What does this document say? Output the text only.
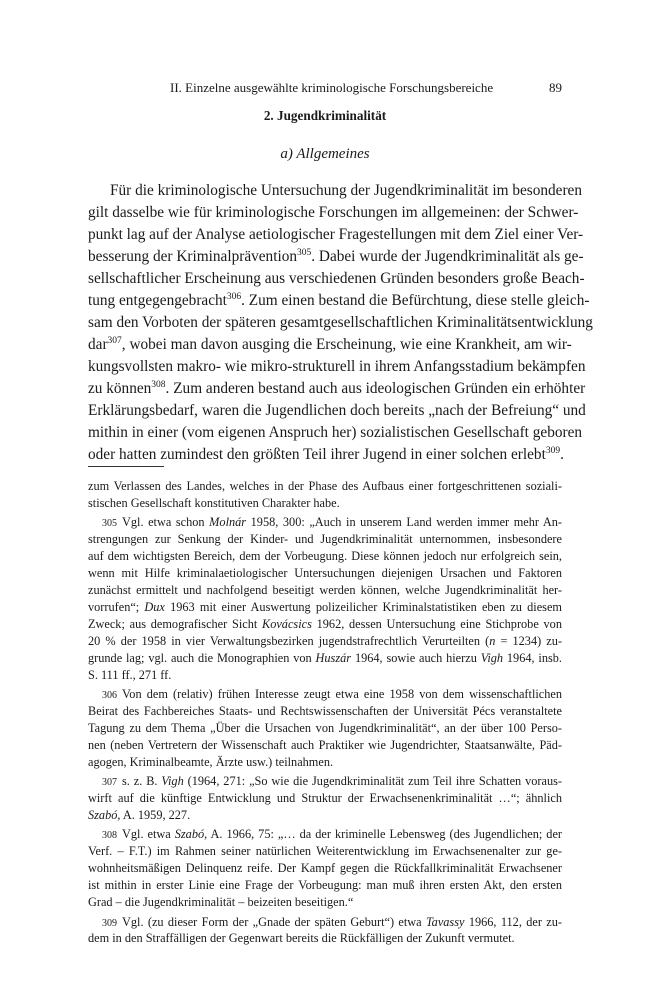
II. Einzelne ausgewählte kriminologische Forschungsbereiche	89
2. Jugendkriminalität
a) Allgemeines
Für die kriminologische Untersuchung der Jugendkriminalität im besonderen
gilt dasselbe wie für kriminologische Forschungen im allgemeinen: der Schwer-
punkt lag auf der Analyse aetiologischer Fragestellungen mit dem Ziel einer Ver-
besserung der Kriminalprävention$^{305}$. Dabei wurde der Jugendkriminalität als ge-
sellschaftlicher Erscheinung aus verschiedenen Gründen besonders große Beach-
tung entgegengebracht$^{306}$. Zum einen bestand die Befürchtung, diese stelle gleich-
sam den Vorboten der späteren gesamtgesellschaftlichen Kriminalitätsentwicklung
dar$^{307}$, wobei man davon ausging die Erscheinung, wie eine Krankheit, am wir-
kungsvollsten makro- wie mikro-strukturell in ihrem Anfangsstadium bekämpfen
zu können$^{308}$. Zum anderen bestand auch aus ideologischen Gründen ein erhöhter
Erklärungsbedarf, waren die Jugendlichen doch bereits „nach der Befreiung“ und
mithin in einer (vom eigenen Anspruch her) sozialistischen Gesellschaft geboren
oder hatten zumindest den größten Teil ihrer Jugend in einer solchen erlebt$^{309}$.
zum Verlassen des Landes, welches in der Phase des Aufbaus einer fortgeschrittenen soziali-
stischen Gesellschaft konstitutiven Charakter habe.
305 Vgl. etwa schon Molnár 1958, 300: „Auch in unserem Land werden immer mehr An-
strengungen zur Senkung der Kinder- und Jugendkriminalität unternommen, insbesondere
auf dem wichtigsten Bereich, dem der Vorbeugung. Diese können jedoch nur erfolgreich sein,
wenn mit Hilfe kriminalaetiologischer Untersuchungen diejenigen Ursachen und Faktoren
zunächst ermittelt und nachfolgend beseitigt werden können, welche Jugendkriminalität her-
vorrufen“; Dux 1963 mit einer Auswertung polizeilicher Kriminalstatistiken eben zu diesem
Zweck; aus demografischer Sicht Kovácsics 1962, dessen Untersuchung eine Stichprobe von
20 % der 1958 in vier Verwaltungsbezirken jugendstrafrechtlich Verurteilten (n = 1234) zu-
grunde lag; vgl. auch die Monographien von Huszár 1964, sowie auch hierzu Vigh 1964, insb.
S. 111 ff., 271 ff.
306 Von dem (relativ) frühen Interesse zeugt etwa eine 1958 von dem wissenschaftlichen
Beirat des Fachbereiches Staats- und Rechtswissenschaften der Universität Pécs veranstaltete
Tagung zu dem Thema „Über die Ursachen von Jugendkriminalität“, an der über 100 Perso-
nen (neben Vertretern der Wissenschaft auch Praktiker wie Jugendrichter, Staatsanwälte, Päd-
agogen, Kriminalbeamte, Ärzte usw.) teilnahmen.
307 s. z. B. Vigh (1964, 271: „So wie die Jugendkriminalität zum Teil ihre Schatten voraus-
wirft auf die künftige Entwicklung und Struktur der Erwachsenenkriminalität …“; ähnlich
Szabó, A. 1959, 227.
308 Vgl. etwa Szabó, A. 1966, 75: „… da der kriminelle Lebensweg (des Jugendlichen; der
Verf. – F.T.) im Rahmen seiner natürlichen Weiterentwicklung im Erwachsenenalter zur ge-
wohnheitsmäßigen Delinquenz reife. Der Kampf gegen die Rückfallkriminalität Erwachsener
ist mithin in erster Linie eine Frage der Vorbeugung: man muß ihren ersten Akt, den ersten
Grad – die Jugendkriminalität – beizeiten beseitigen.“
309 Vgl. (zu dieser Form der „Gnade der späten Geburt“) etwa Tavassy 1966, 112, der zu-
dem in den Straffälligen der Gegenwart bereits die Rückfälligen der Zukunft vermutet.
